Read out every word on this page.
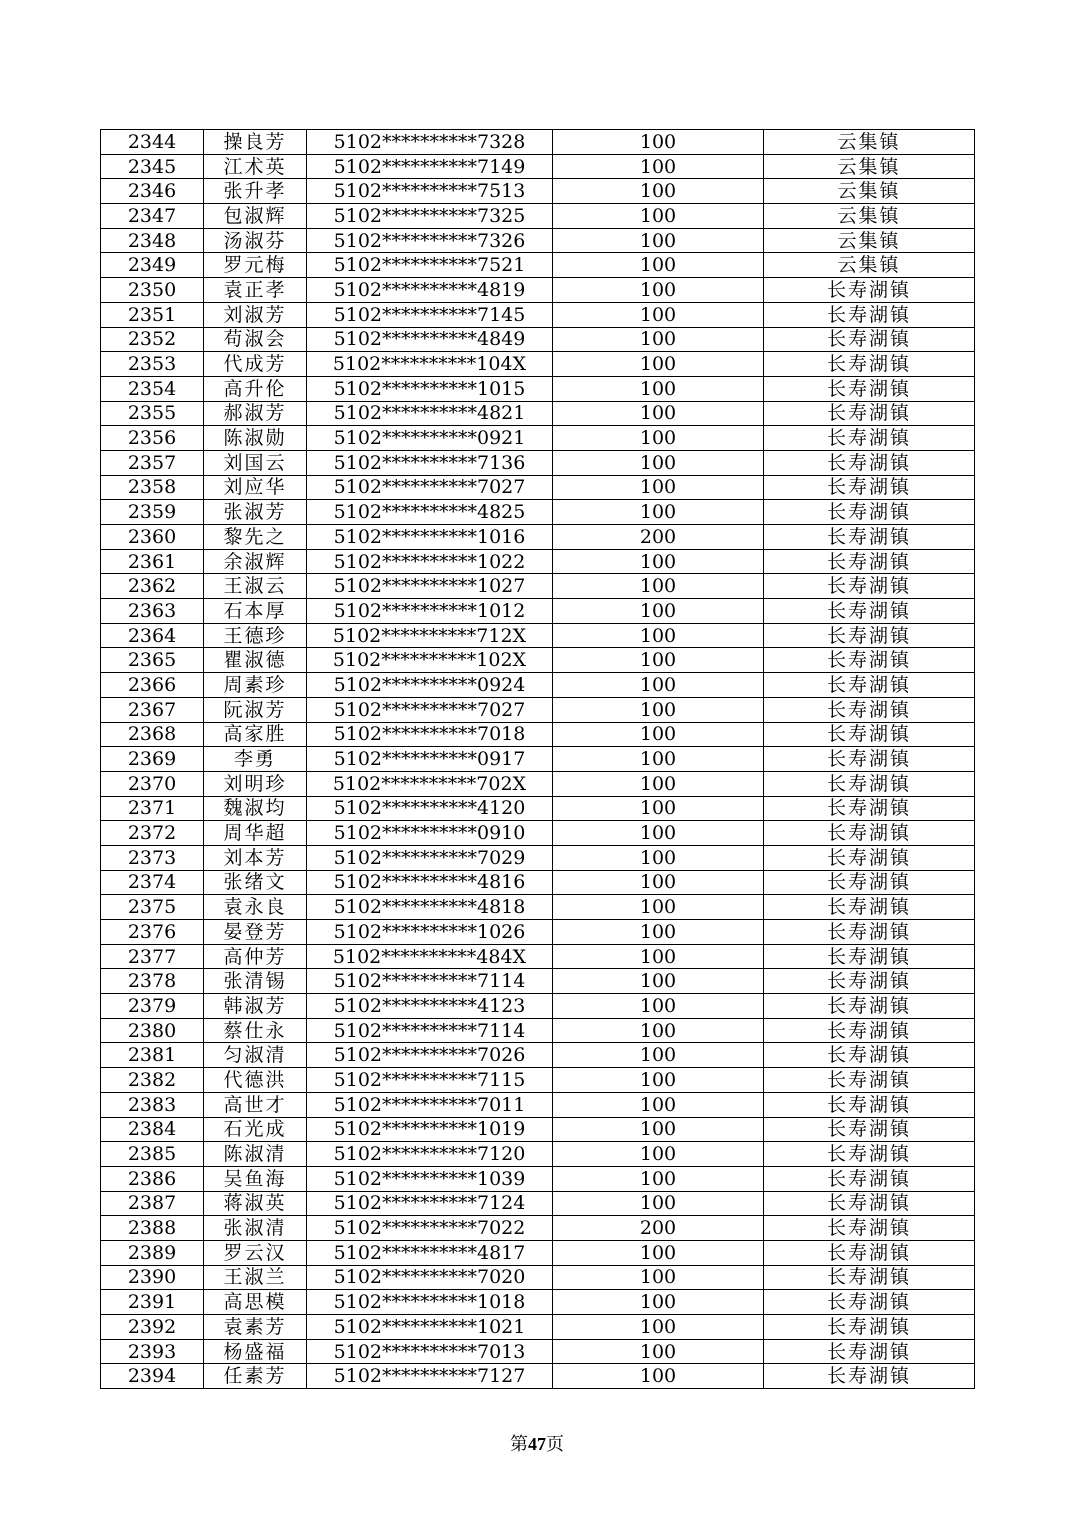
2344	操良芳	5102**********7328	100	云集镇
2345	江术英	5102**********7149	100	云集镇
2346	张升孝	5102**********7513	100	云集镇
2347	包淑辉	5102**********7325	100	云集镇
2348	汤淑芬	5102**********7326	100	云集镇
2349	罗元梅	5102**********7521	100	云集镇
2350	袁正孝	5102**********4819	100	长寿湖镇
2351	刘淑芳	5102**********7145	100	长寿湖镇
2352	苟淑会	5102**********4849	100	长寿湖镇
2353	代成芳	5102**********104X	100	长寿湖镇
2354	高升伦	5102**********1015	100	长寿湖镇
2355	郝淑芳	5102**********4821	100	长寿湖镇
2356	陈淑勋	5102**********0921	100	长寿湖镇
2357	刘国云	5102**********7136	100	长寿湖镇
2358	刘应华	5102**********7027	100	长寿湖镇
2359	张淑芳	5102**********4825	100	长寿湖镇
2360	黎先之	5102**********1016	200	长寿湖镇
2361	余淑辉	5102**********1022	100	长寿湖镇
2362	王淑云	5102**********1027	100	长寿湖镇
2363	石本厚	5102**********1012	100	长寿湖镇
2364	王德珍	5102**********712X	100	长寿湖镇
2365	瞿淑德	5102**********102X	100	长寿湖镇
2366	周素珍	5102**********0924	100	长寿湖镇
2367	阮淑芳	5102**********7027	100	长寿湖镇
2368	高家胜	5102**********7018	100	长寿湖镇
2369	李勇	5102**********0917	100	长寿湖镇
2370	刘明珍	5102**********702X	100	长寿湖镇
2371	魏淑均	5102**********4120	100	长寿湖镇
2372	周华超	5102**********0910	100	长寿湖镇
2373	刘本芳	5102**********7029	100	长寿湖镇
2374	张绪文	5102**********4816	100	长寿湖镇
2375	袁永良	5102**********4818	100	长寿湖镇
2376	晏登芳	5102**********1026	100	长寿湖镇
2377	高仲芳	5102**********484X	100	长寿湖镇
2378	张清锡	5102**********7114	100	长寿湖镇
2379	韩淑芳	5102**********4123	100	长寿湖镇
2380	蔡仕永	5102**********7114	100	长寿湖镇
2381	匀淑清	5102**********7026	100	长寿湖镇
2382	代德洪	5102**********7115	100	长寿湖镇
2383	高世才	5102**********7011	100	长寿湖镇
2384	石光成	5102**********1019	100	长寿湖镇
2385	陈淑清	5102**********7120	100	长寿湖镇
2386	吴鱼海	5102**********1039	100	长寿湖镇
2387	蒋淑英	5102**********7124	100	长寿湖镇
2388	张淑清	5102**********7022	200	长寿湖镇
2389	罗云汉	5102**********4817	100	长寿湖镇
2390	王淑兰	5102**********7020	100	长寿湖镇
2391	高思模	5102**********1018	100	长寿湖镇
2392	袁素芳	5102**********1021	100	长寿湖镇
2393	杨盛福	5102**********7013	100	长寿湖镇
2394	任素芳	5102**********7127	100	长寿湖镇
第47页
